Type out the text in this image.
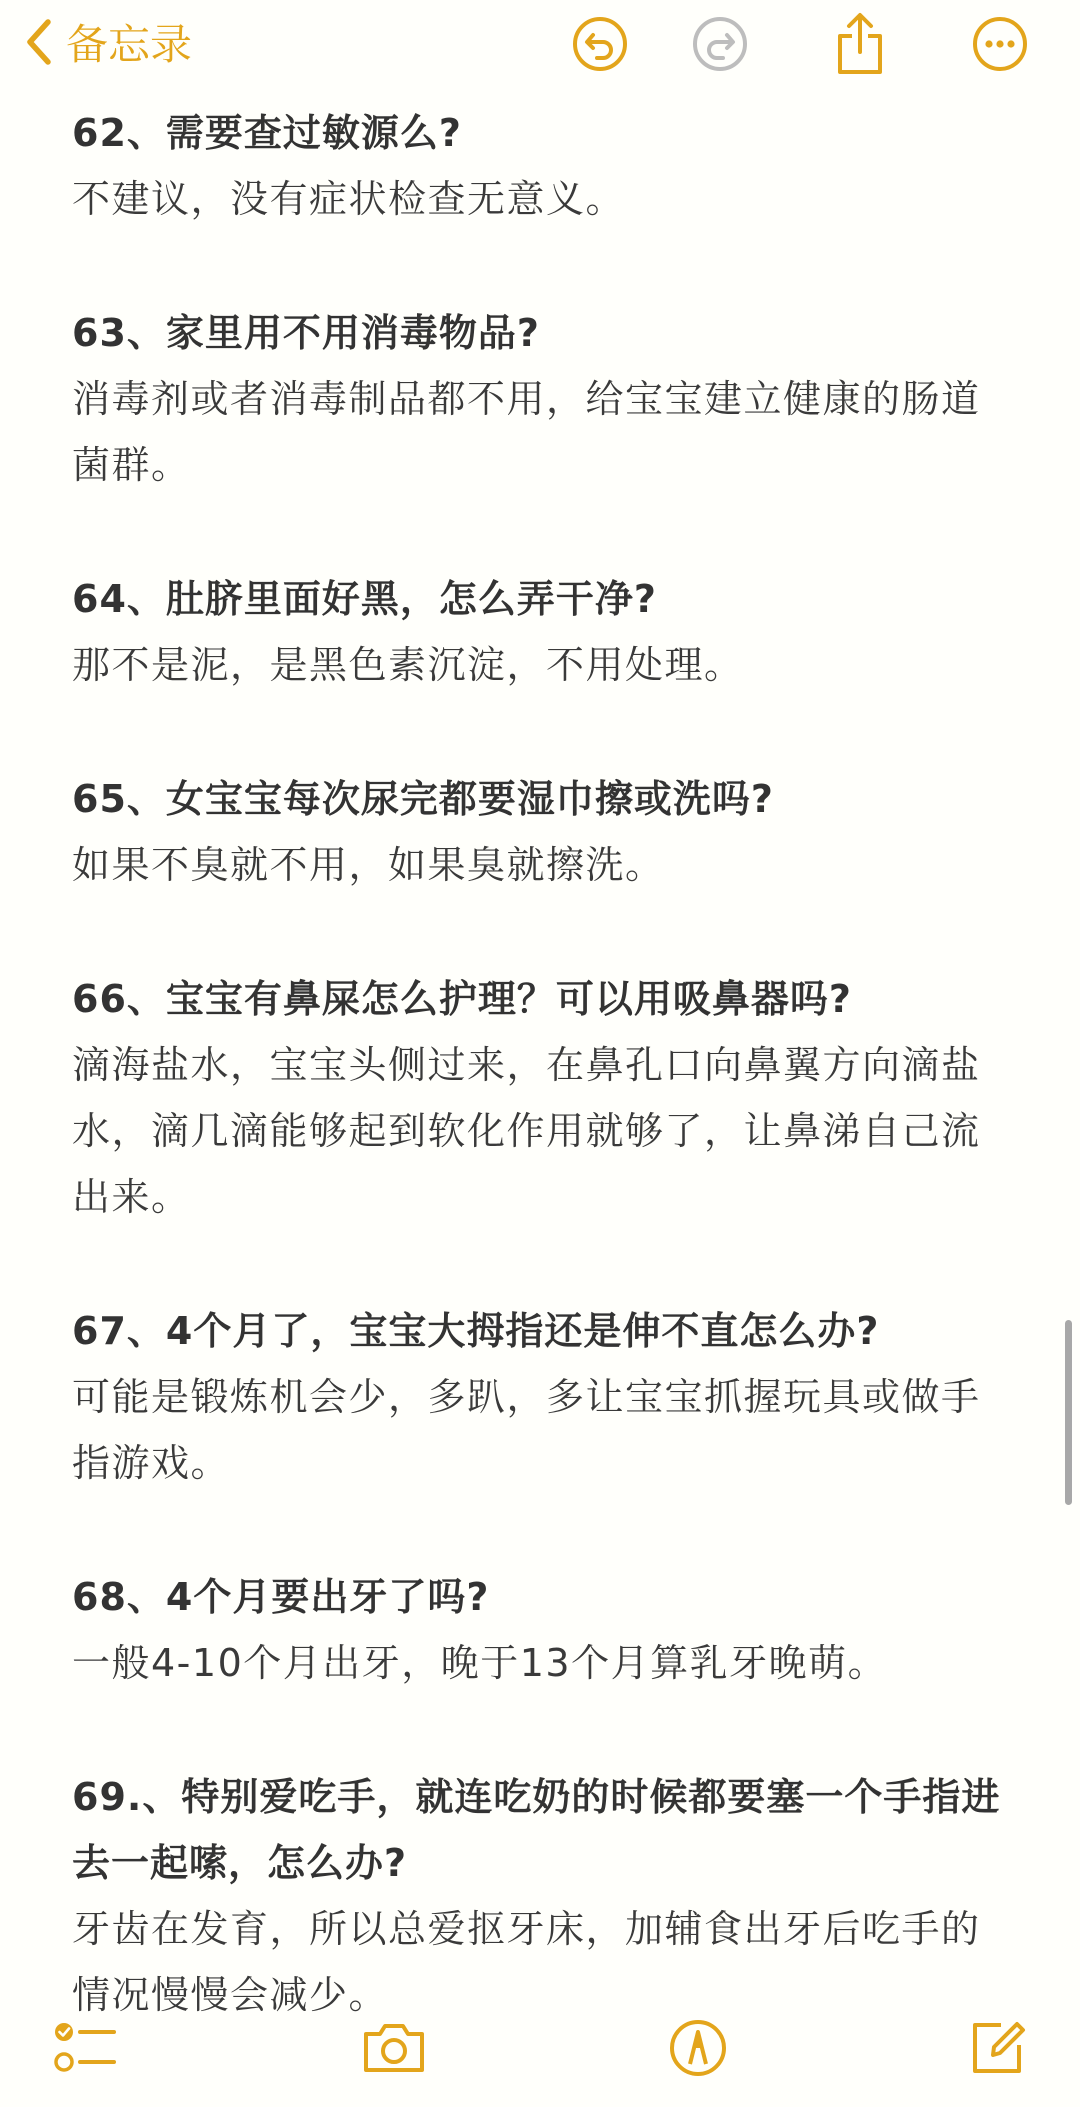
备忘录
62、需要查过敏源么?
不建议，没有症状检查无意义。
63、家里用不用消毒物品?
消毒剂或者消毒制品都不用，给宝宝建立健康的肠道菌群。
64、肚脐里面好黑，怎么弄干净?
那不是泥，是黑色素沉淀，不用处理。
65、女宝宝每次尿完都要湿巾擦或洗吗?
如果不臭就不用，如果臭就擦洗。
66、宝宝有鼻屎怎么护理？可以用吸鼻器吗?
滴海盐水，宝宝头侧过来，在鼻孔口向鼻翼方向滴盐水，滴几滴能够起到软化作用就够了，让鼻涕自己流出来。
67、4个月了，宝宝大拇指还是伸不直怎么办?
可能是锻炼机会少，多趴，多让宝宝抓握玩具或做手指游戏。
68、4个月要出牙了吗?
一般4-10个月出牙，晚于13个月算乳牙晚萌。
69.、特别爱吃手，就连吃奶的时候都要塞一个手指进去一起嗦，怎么办?
牙齿在发育，所以总爱抠牙床，加辅食出牙后吃手的情况慢慢会减少。
